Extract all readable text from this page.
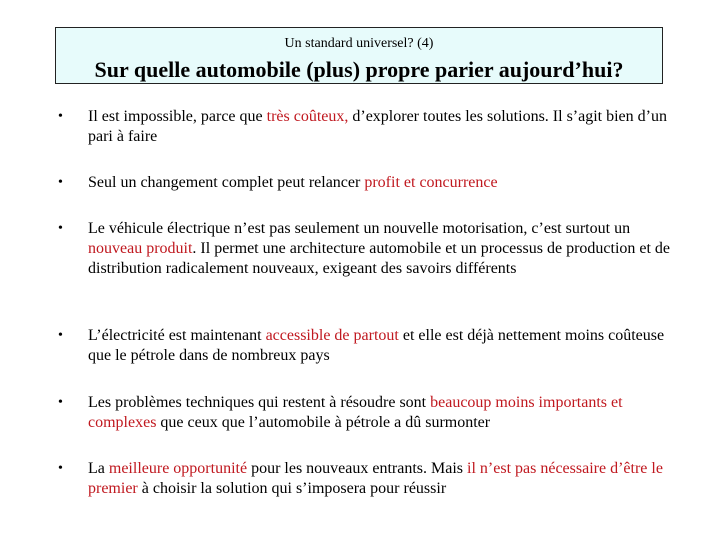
Un standard universel? (4)
Sur quelle automobile (plus) propre parier aujourd’hui?
•	Il est impossible, parce que très coûteux, d’explorer toutes les solutions. Il s’agit bien d’un pari à faire
•	Seul un changement complet peut relancer profit et concurrence
•	Le véhicule électrique n’est pas seulement un nouvelle motorisation, c’est surtout un nouveau produit. Il permet une architecture automobile et un processus de production et de distribution radicalement nouveaux, exigeant des savoirs différents
•	L’électricité est maintenant accessible de partout et elle est déjà nettement moins coûteuse que le pétrole dans de nombreux pays
•	Les problèmes techniques qui restent à résoudre sont beaucoup moins importants et complexes que ceux que l’automobile à pétrole a dû surmonter
•	La meilleure opportunité pour les nouveaux entrants. Mais il n’est pas nécessaire d’être le premier à choisir la solution qui s’imposera pour réussir
